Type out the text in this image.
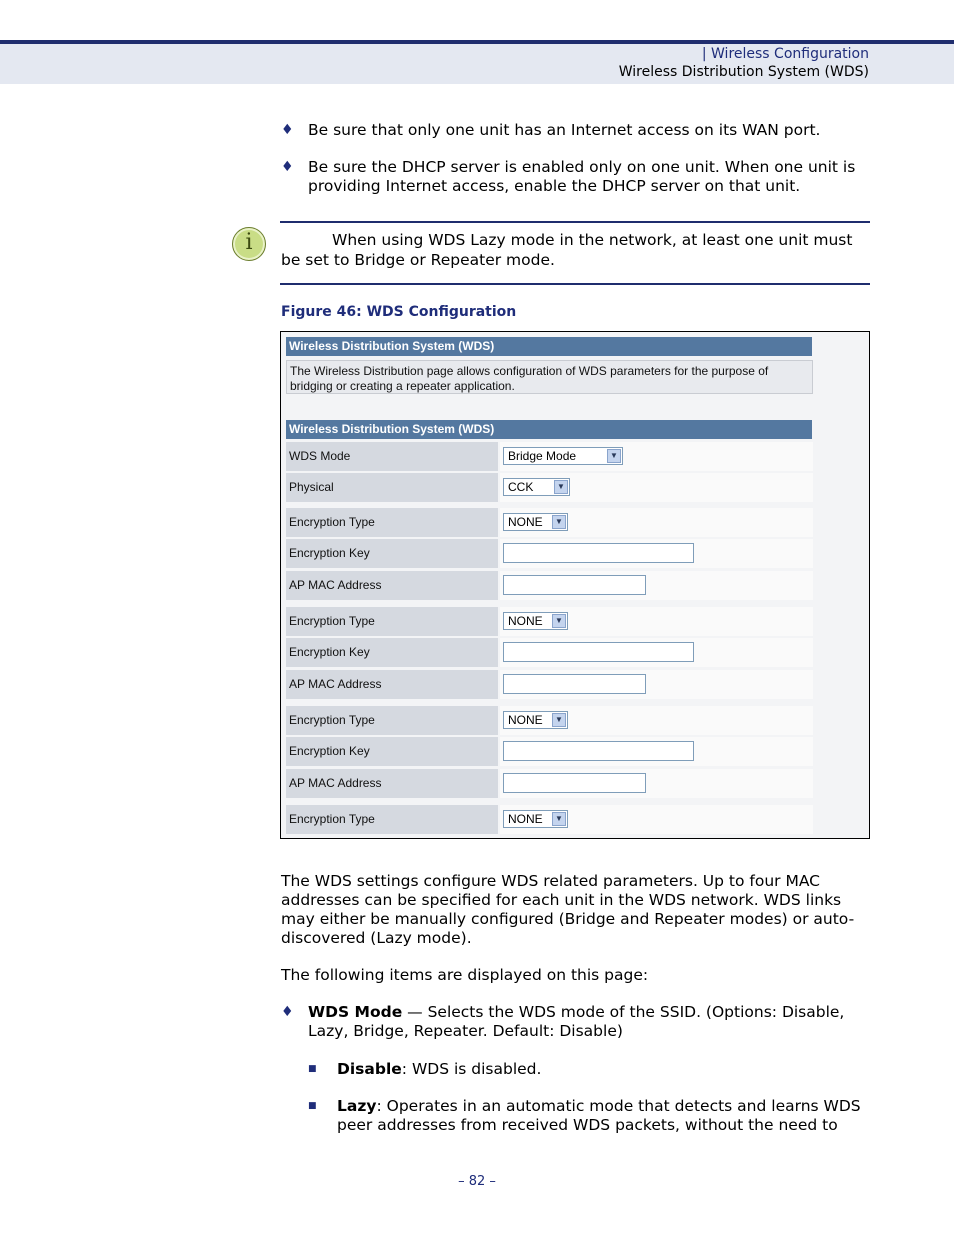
| Wireless Configuration
Wireless Distribution System (WDS)
♦ Be sure that only one unit has an Internet access on its WAN port.
♦ Be sure the DHCP server is enabled only on one unit. When one unit is providing Internet access, enable the DHCP server on that unit.
i	When using WDS Lazy mode in the network, at least one unit must be set to Bridge or Repeater mode.
Figure 46: WDS Configuration
Wireless Distribution System (WDS)
The Wireless Distribution page allows configuration of WDS parameters for the purpose of bridging or creating a repeater application.
Wireless Distribution System (WDS)
WDS Mode	Bridge Mode	▼
Physical	CCK	▼
Encryption Type	NONE	▼
Encryption Key
AP MAC Address
Encryption Type	NONE	▼
Encryption Key
AP MAC Address
Encryption Type	NONE	▼
Encryption Key
AP MAC Address
Encryption Type	NONE	▼
The WDS settings configure WDS related parameters. Up to four MAC addresses can be specified for each unit in the WDS network. WDS links may either be manually configured (Bridge and Repeater modes) or auto-discovered (Lazy mode).
The following items are displayed on this page:
♦ WDS Mode — Selects the WDS mode of the SSID. (Options: Disable, Lazy, Bridge, Repeater. Default: Disable)
■ Disable: WDS is disabled.
■ Lazy: Operates in an automatic mode that detects and learns WDS peer addresses from received WDS packets, without the need to
– 82 –
